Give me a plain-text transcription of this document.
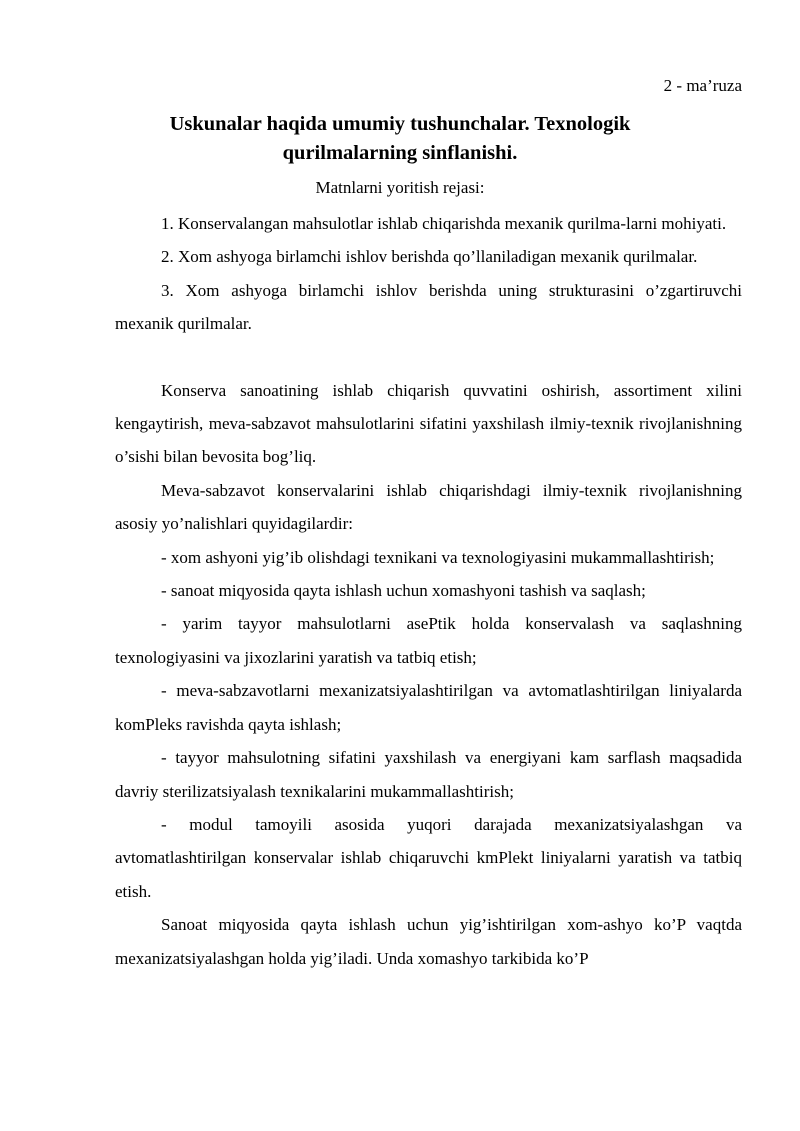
2 - ma’ruza
Uskunalar haqida umumiy tushunchalar. Texnologik
qurilmalarning sinflanishi.
Matnlarni yoritish rejasi:

1. Konservalangan mahsulotlar ishlab chiqarishda mexanik qurilma-larni mohiyati.

2. Xom ashyoga birlamchi ishlov berishda qo’llaniladigan mexanik qurilmalar.

3. Xom ashyoga birlamchi ishlov berishda uning strukturasini o’zgartiruvchi mexanik qurilmalar.

Konserva sanoatining ishlab chiqarish quvvatini oshirish, assortiment xilini kengaytirish, meva-sabzavot mahsulotlarini sifatini yaxshilash ilmiy-texnik rivojlanishning o’sishi bilan bevosita bog’liq.

Meva-sabzavot konservalarini ishlab chiqarishdagi ilmiy-texnik rivojlanishning asosiy yo’nalishlari quyidagilardir:

- xom ashyoni yig’ib olishdagi texnikani va texnologiyasini mukammallashtirish;

- sanoat miqyosida qayta ishlash uchun xomashyoni tashish va saqlash;

- yarim tayyor mahsulotlarni asePtik holda konservalash va saqlashning texnologiyasini va jixozlarini yaratish va tatbiq etish;

- meva-sabzavotlarni mexanizatsiyalashtirilgan va avtomatlashtirilgan liniyalarda komPleks ravishda qayta ishlash;

- tayyor mahsulotning sifatini yaxshilash va energiyani kam sarflash maqsadida davriy sterilizatsiyalash texnikalarini mukammallashtirish;

- modul tamoyili asosida yuqori darajada mexanizatsiyalashgan va avtomatlashtirilgan konservalar ishlab chiqaruvchi kmPlekt liniyalarni yaratish va tatbiq etish.

Sanoat miqyosida qayta ishlash uchun yig’ishtirilgan xom-ashyo ko’P vaqtda mexanizatsiyalashgan holda yig’iladi. Unda xomashyo tarkibida ko’P
